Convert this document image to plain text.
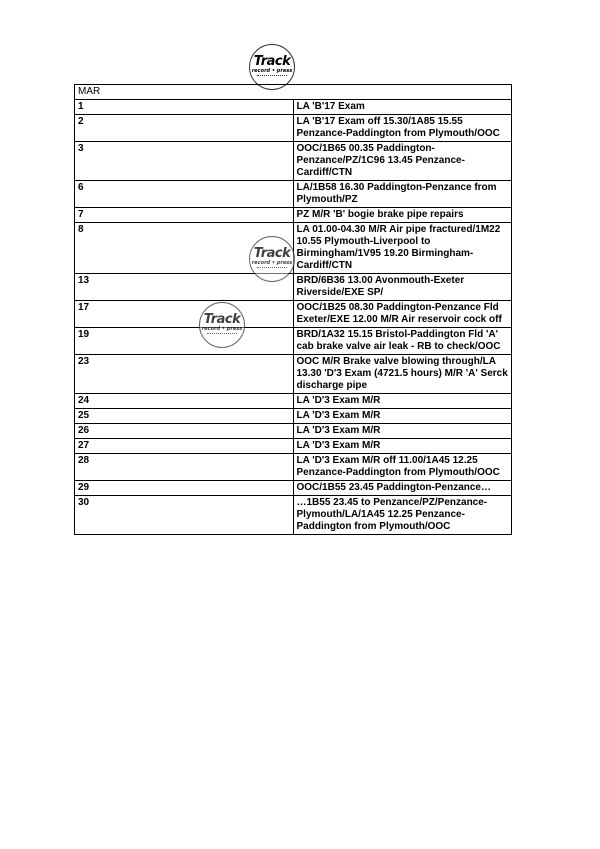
Track
record • press
MAR	
1	LA 'B'17 Exam
2	LA 'B'17 Exam off 15.30/1A85 15.55 Penzance-Paddington from Plymouth/OOC
3	OOC/1B65 00.35 Paddington-Penzance/PZ/1C96 13.45 Penzance-Cardiff/CTN
6	LA/1B58 16.30 Paddington-Penzance from Plymouth/PZ
7	PZ M/R 'B' bogie brake pipe repairs
8	LA 01.00-04.30 M/R Air pipe fractured/1M22 10.55 Plymouth-Liverpool to Birmingham/1V95 19.20 Birmingham-Cardiff/CTN
13	BRD/6B36 13.00 Avonmouth-Exeter Riverside/EXE SP/
17	OOC/1B25 08.30 Paddington-Penzance Fld Exeter/EXE 12.00 M/R Air reservoir cock off
19	BRD/1A32 15.15 Bristol-Paddington Fld 'A' cab brake valve air leak - RB to check/OOC
23	OOC M/R Brake valve blowing through/LA 13.30 'D'3 Exam (4721.5 hours) M/R 'A' Serck discharge pipe
24	LA 'D'3 Exam M/R
25	LA 'D'3 Exam M/R
26	LA 'D'3 Exam M/R
27	LA 'D'3 Exam M/R
28	LA 'D'3 Exam M/R off 11.00/1A45 12.25 Penzance-Paddington from Plymouth/OOC
29	OOC/1B55 23.45 Paddington-Penzance…
30	…1B55 23.45 to Penzance/PZ/Penzance-Plymouth/LA/1A45 12.25 Penzance-Paddington from Plymouth/OOC
Track
record • press
Track
record • press
